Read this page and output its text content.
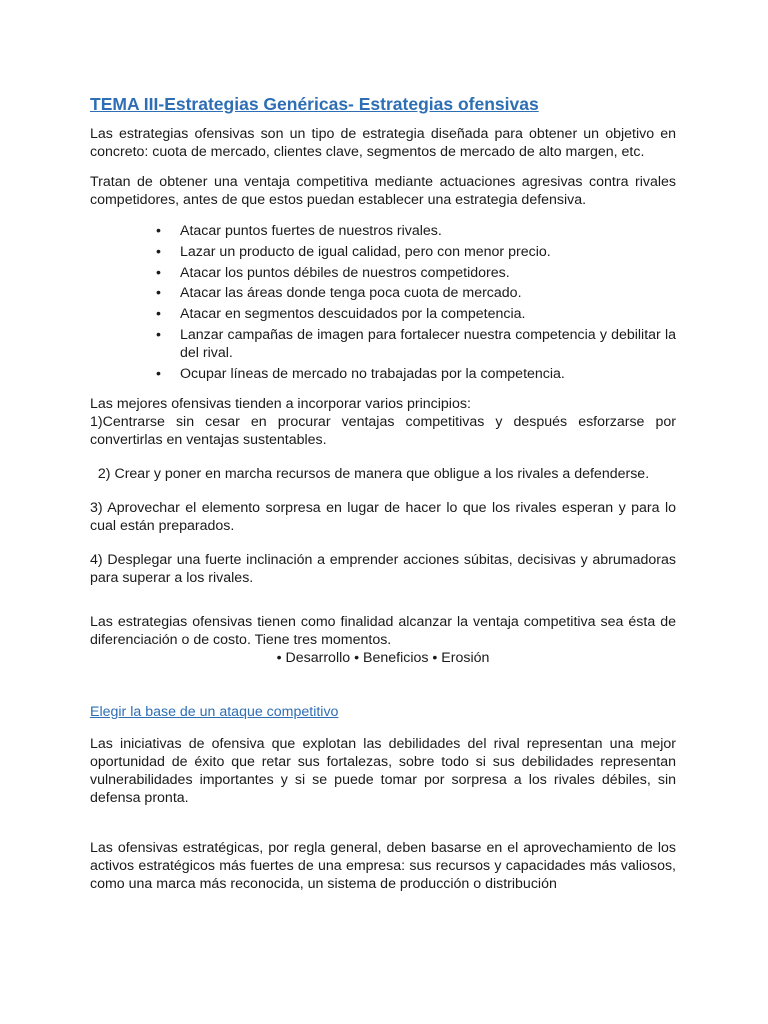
TEMA III-Estrategias Genéricas- Estrategias ofensivas

Las estrategias ofensivas son un tipo de estrategia diseñada para obtener un objetivo en concreto: cuota de mercado, clientes clave, segmentos de mercado de alto margen, etc.

Tratan de obtener una ventaja competitiva mediante actuaciones agresivas contra rivales competidores, antes de que estos puedan establecer una estrategia defensiva.

• Atacar puntos fuertes de nuestros rivales.
• Lazar un producto de igual calidad, pero con menor precio.
• Atacar los puntos débiles de nuestros competidores.
• Atacar las áreas donde tenga poca cuota de mercado.
• Atacar en segmentos descuidados por la competencia.
• Lanzar campañas de imagen para fortalecer nuestra competencia y debilitar la del rival.
• Ocupar líneas de mercado no trabajadas por la competencia.

Las mejores ofensivas tienden a incorporar varios principios:

1)Centrarse sin cesar en procurar ventajas competitivas y después esforzarse por convertirlas en ventajas sustentables.

2) Crear y poner en marcha recursos de manera que obligue a los rivales a defenderse.

3) Aprovechar el elemento sorpresa en lugar de hacer lo que los rivales esperan y para lo cual están preparados.

4) Desplegar una fuerte inclinación a emprender acciones súbitas, decisivas y abrumadoras para superar a los rivales.

Las estrategias ofensivas tienen como finalidad alcanzar la ventaja competitiva sea ésta de diferenciación o de costo. Tiene tres momentos.

• Desarrollo • Beneficios • Erosión

Elegir la base de un ataque competitivo

Las iniciativas de ofensiva que explotan las debilidades del rival representan una mejor oportunidad de éxito que retar sus fortalezas, sobre todo si sus debilidades representan vulnerabilidades importantes y si se puede tomar por sorpresa a los rivales débiles, sin defensa pronta.

Las ofensivas estratégicas, por regla general, deben basarse en el aprovechamiento de los activos estratégicos más fuertes de una empresa: sus recursos y capacidades más valiosos, como una marca más reconocida, un sistema de producción o distribución
